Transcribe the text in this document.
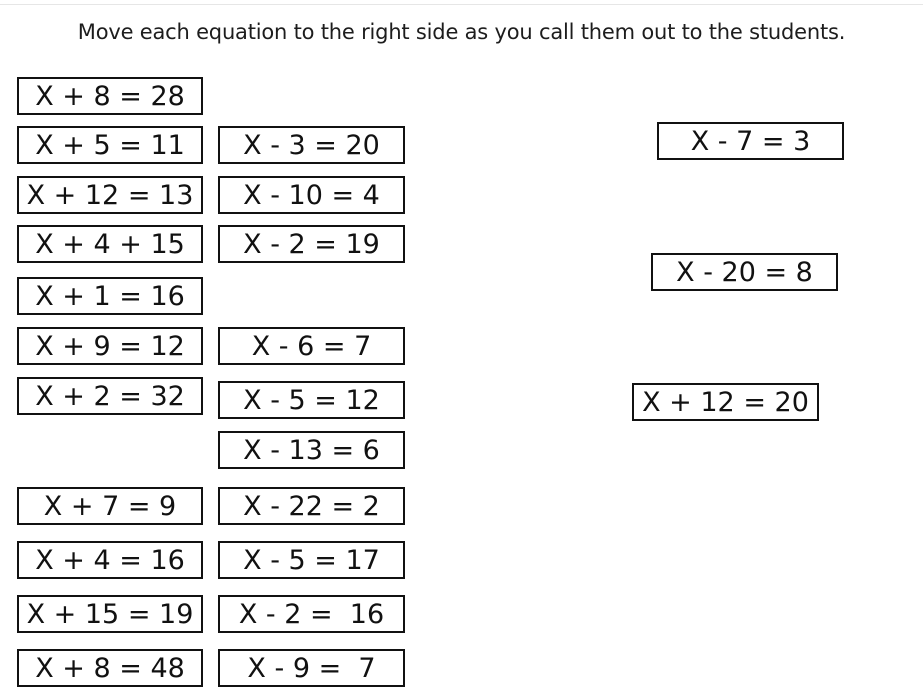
Move each equation to the right side as you call them out to the students.
X + 8 = 28
X + 5 = 11
X + 12 = 13
X + 4 + 15
X + 1 = 16
X + 9 = 12
X + 2 = 32
X + 7 = 9
X + 4 = 16
X + 15 = 19
X + 8 = 48
X - 3 = 20
X - 10 = 4
X - 2 = 19
X - 6 = 7
X - 5 = 12
X - 13 = 6
X - 22 = 2
X - 5 = 17
X - 2 =  16
X - 9 =  7
X - 7 = 3
X - 20 = 8
X + 12 = 20
